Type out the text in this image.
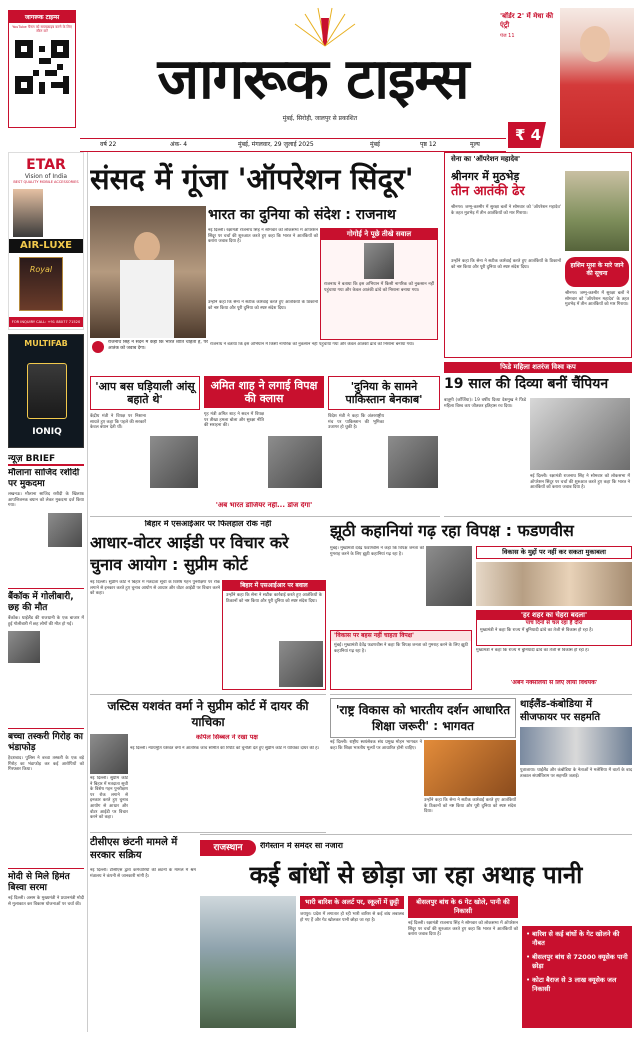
जागरूक टाइम्स
YouTube चैनल को सब्सक्राइब करने के लिए स्कैन करें
जागरूक टाइम्स
मुंबई, सिरोही, जालपुर से प्रकाशित
'बॉर्डर 2' में मेधा की एंट्री
पेज 11
₹ 4
वर्ष 22	अंक- 4	मुंबई, मंगलवार, 29 जुलाई 2025	मुंबई	पृष्ठ 12	मूल्य
ETAR
Vision of India
BEST QUALITY MOBILE ACCESSORIES
AIR-LUXE
Royal
FOR INQUIRY CALL: +91 88077 71520
MULTIFAB
IONIQ
न्यूज़ BRIEF
मौलाना साजिद रशीदी पर मुकदमा
लखनऊ। मौलाना साजिद रशीदी के खिलाफ आपत्तिजनक बयान को लेकर मुकदमा दर्ज किया गया।
बैंकॉक में गोलीबारी, छह की मौत
बैंकॉक। थाईलैंड की राजधानी के एक बाजार में हुई गोलीबारी में छह लोगों की मौत हो गई।
बच्चा तस्करी गिरोह का भंडाफोड़
हैदराबाद। पुलिस ने बच्चा तस्करी के एक बड़े गिरोह का भंडाफोड़ कर कई आरोपियों को गिरफ्तार किया।
मोदी से मिले हिमंत बिस्वा सरमा
नई दिल्ली। असम के मुख्यमंत्री ने प्रधानमंत्री मोदी से मुलाकात कर विकास योजनाओं पर चर्चा की।
संसद में गूंजा 'ऑपरेशन सिंदूर'
भारत का दुनिया को संदेश : राजनाथ
नई दिल्ली। रक्षामंत्री राजनाथ सिंह ने सोमवार को लोकसभा में ऑपरेशन सिंदूर पर चर्चा की शुरुआत करते हुए कहा कि भारत ने आतंकियों को करारा जवाब दिया है।
गोगोई ने पूछे तीखे सवाल
राजनाथ ने बताया कि इस अभियान में किसी नागरिक को नुकसान नहीं पहुंचाया गया और केवल आतंकी ढांचे को निशाना बनाया गया।
उन्होंने कहा कि सेना ने सटीक कार्रवाई करते हुए आतंकियों के ठिकानों को नष्ट किया और पूरी दुनिया को स्पष्ट संदेश दिया।
राजनाथ सिंह ने सदन में कहा कि भारत शांति चाहता है, पर आतंक को जवाब देगा।
राजनाथ ने बताया कि इस अभियान में किसी नागरिक को नुकसान नहीं पहुंचाया गया और केवल आतंकी ढांचे को निशाना बनाया गया।
'आप बस घड़ियाली आंसू बहाते थे'
केंद्रीय मंत्री ने विपक्ष पर निशाना साधते हुए कहा कि पहले की सरकारें केवल बयान देती थीं।
अमित शाह ने लगाई विपक्ष की क्लास
गृह मंत्री अमित शाह ने सदन में विपक्ष पर तीखा हमला बोला और सुरक्षा नीति की सराहना की।
'दुनिया के सामने पाकिस्तान बेनकाब'
विदेश मंत्री ने कहा कि अंतरराष्ट्रीय मंच पर पाकिस्तान की भूमिका उजागर हो चुकी है।
'अब भारत डोजियर नहीं... डोज देगा'
सेना का 'ऑपरेशन महादेव'
श्रीनगर में मुठभेड़
तीन आतंकी ढेर
श्रीनगर। जम्मू-कश्मीर में सुरक्षा बलों ने सोमवार को 'ऑपरेशन महादेव' के तहत मुठभेड़ में तीन आतंकियों को मार गिराया।
उन्होंने कहा कि सेना ने सटीक कार्रवाई करते हुए आतंकियों के ठिकानों को नष्ट किया और पूरी दुनिया को स्पष्ट संदेश दिया।	हाशिम मूसा के मारे जाने की सूचना
श्रीनगर। जम्मू-कश्मीर में सुरक्षा बलों ने सोमवार को 'ऑपरेशन महादेव' के तहत मुठभेड़ में तीन आतंकियों को मार गिराया।
फिडे महिला शतरंज विश्व कप
19 साल की दिव्या बनीं चैंपियन
बातूमी (जॉर्जिया)। 19 वर्षीय दिव्या देशमुख ने फिडे महिला विश्व कप जीतकर इतिहास रच दिया।
नई दिल्ली। रक्षामंत्री राजनाथ सिंह ने सोमवार को लोकसभा में ऑपरेशन सिंदूर पर चर्चा की शुरुआत करते हुए कहा कि भारत ने आतंकियों को करारा जवाब दिया है।
बिहार में एसआईआर पर फिलहाल रोक नहीं
आधार-वोटर आईडी पर विचार करे चुनाव आयोग : सुप्रीम कोर्ट
नई दिल्ली। सुप्रीम कोर्ट ने बिहार में मतदाता सूची के विशेष गहन पुनरीक्षण पर रोक लगाने से इनकार करते हुए चुनाव आयोग से आधार और वोटर आईडी पर विचार करने को कहा।
बिहार में एसआईआर पर बवाल
उन्होंने कहा कि सेना ने सटीक कार्रवाई करते हुए आतंकियों के ठिकानों को नष्ट किया और पूरी दुनिया को स्पष्ट संदेश दिया।
जस्टिस यशवंत वर्मा ने सुप्रीम कोर्ट में दायर की याचिका
कपिल सिब्बल ने रखा पक्ष
नई दिल्ली। न्यायमूर्ति यशवंत वर्मा ने आंतरिक जांच समिति की रिपोर्ट को चुनौती देते हुए सुप्रीम कोर्ट में याचिका दायर की है।
नई दिल्ली। सुप्रीम कोर्ट ने बिहार में मतदाता सूची के विशेष गहन पुनरीक्षण पर रोक लगाने से इनकार करते हुए चुनाव आयोग से आधार और वोटर आईडी पर विचार करने को कहा।
टीसीएस छंटनी मामले में सरकार सक्रिय
नई दिल्ली। टीसीएस द्वारा कर्मचारियों की छंटनी के मामले में श्रम मंत्रालय ने कंपनी से जानकारी मांगी है।
झूठी कहानियां गढ़ रहा विपक्ष : फडणवीस
मुंबई। मुख्यमंत्री देवेंद्र फडणवीस ने कहा कि विपक्ष जनता को गुमराह करने के लिए झूठी कहानियां गढ़ रहा है।
'विकास पर बहस नहीं चाहता विपक्ष'
मुंबई। मुख्यमंत्री देवेंद्र फडणवीस ने कहा कि विपक्ष जनता को गुमराह करने के लिए झूठी कहानियां गढ़ रहा है।
विकास के मुद्दों पर नहीं कर सकता मुकाबला
'हर शहर का चेहरा बदला'
पांच दिनों से चल रहा है दौरा
मुख्यमंत्री ने कहा कि राज्य में बुनियादी ढांचे का तेजी से विकास हो रहा है।
मुख्यमंत्री ने कहा कि राज्य में बुनियादी ढांचे का तेजी से विकास हो रहा है।
'अर्बन नक्सलियों से लिए लाया विधेयक'
'राष्ट्र विकास को भारतीय दर्शन आधारित शिक्षा जरूरी' : भागवत
नई दिल्ली। राष्ट्रीय स्वयंसेवक संघ प्रमुख मोहन भागवत ने कहा कि शिक्षा भारतीय मूल्यों पर आधारित होनी चाहिए।
उन्होंने कहा कि सेना ने सटीक कार्रवाई करते हुए आतंकियों के ठिकानों को नष्ट किया और पूरी दुनिया को स्पष्ट संदेश दिया।
थाईलैंड-कंबोडिया में सीजफायर पर सहमति
पुत्राजाया। थाईलैंड और कंबोडिया के नेताओं ने मलेशिया में वार्ता के बाद तत्काल संघर्षविराम पर सहमति जताई।
राजस्थान	रेगिस्तान में समंदर सा नजारा
कई बांधों से छोड़ा जा रहा अथाह पानी
भारी बारिश के अलर्ट पर, स्कूलों में छुट्टी
जयपुर। प्रदेश में लगातार हो रही भारी बारिश से कई बांध लबालब हो गए हैं और गेट खोलकर पानी छोड़ा जा रहा है।
बीसलपुर बांध के 6 गेट खोले, पानी की निकासी
नई दिल्ली। रक्षामंत्री राजनाथ सिंह ने सोमवार को लोकसभा में ऑपरेशन सिंदूर पर चर्चा की शुरुआत करते हुए कहा कि भारत ने आतंकियों को करारा जवाब दिया है।	• बारिश से कई बांधों के गेट खोलने की नौबत
• बीसलपुर बांध से 72000 क्यूसेक पानी छोड़ा
• कोटा बैराज से 3 लाख क्यूसेक जल निकासी
